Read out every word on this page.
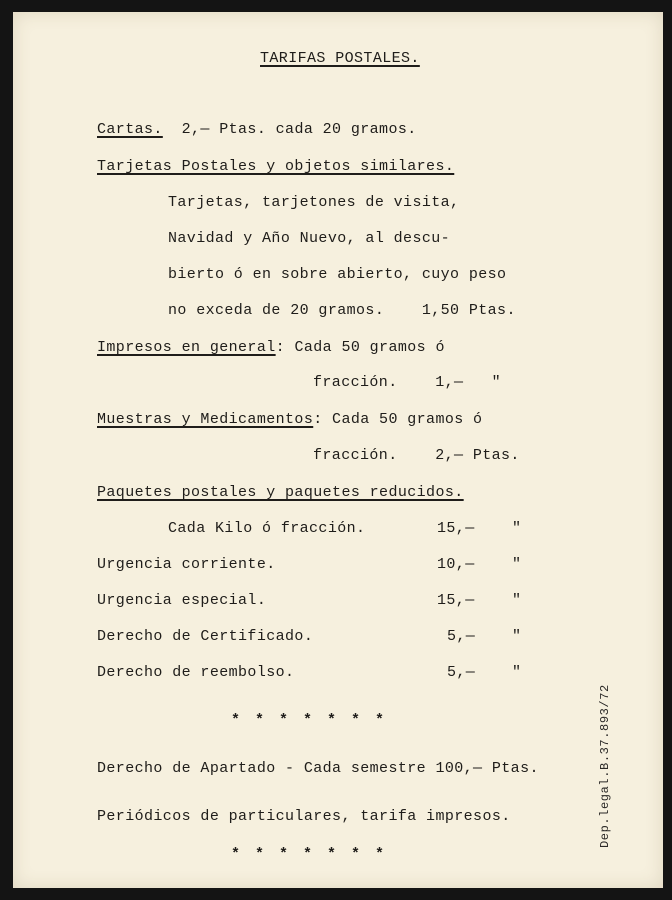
TARIFAS POSTALES.
Cartas. 2,— Ptas. cada 20 gramos.
Tarjetas Postales y objetos similares.
Tarjetas, tarjetones de visita,
Navidad y Año Nuevo, al descu-
bierto ó en sobre abierto, cuyo peso
no exceda de 20 gramos.    1,50 Ptas.
Impresos en general: Cada 50 gramos ó
fracción.    1,—   "
Muestras y Medicamentos: Cada 50 gramos ó
fracción.    2,— Ptas.
Paquetes postales y paquetes reducidos.
Cada Kilo ó fracción.	15,— "
Urgencia corriente.	10,— "
Urgencia especial.	15,— "
Derecho de Certificado.	5,— "
Derecho de reembolso.	5,— "
* * * * * * *
Derecho de Apartado - Cada semestre 100,— Ptas.
Periódicos de particulares, tarifa impresos.
* * * * * * *
Dep.legal.B.37.893/72
